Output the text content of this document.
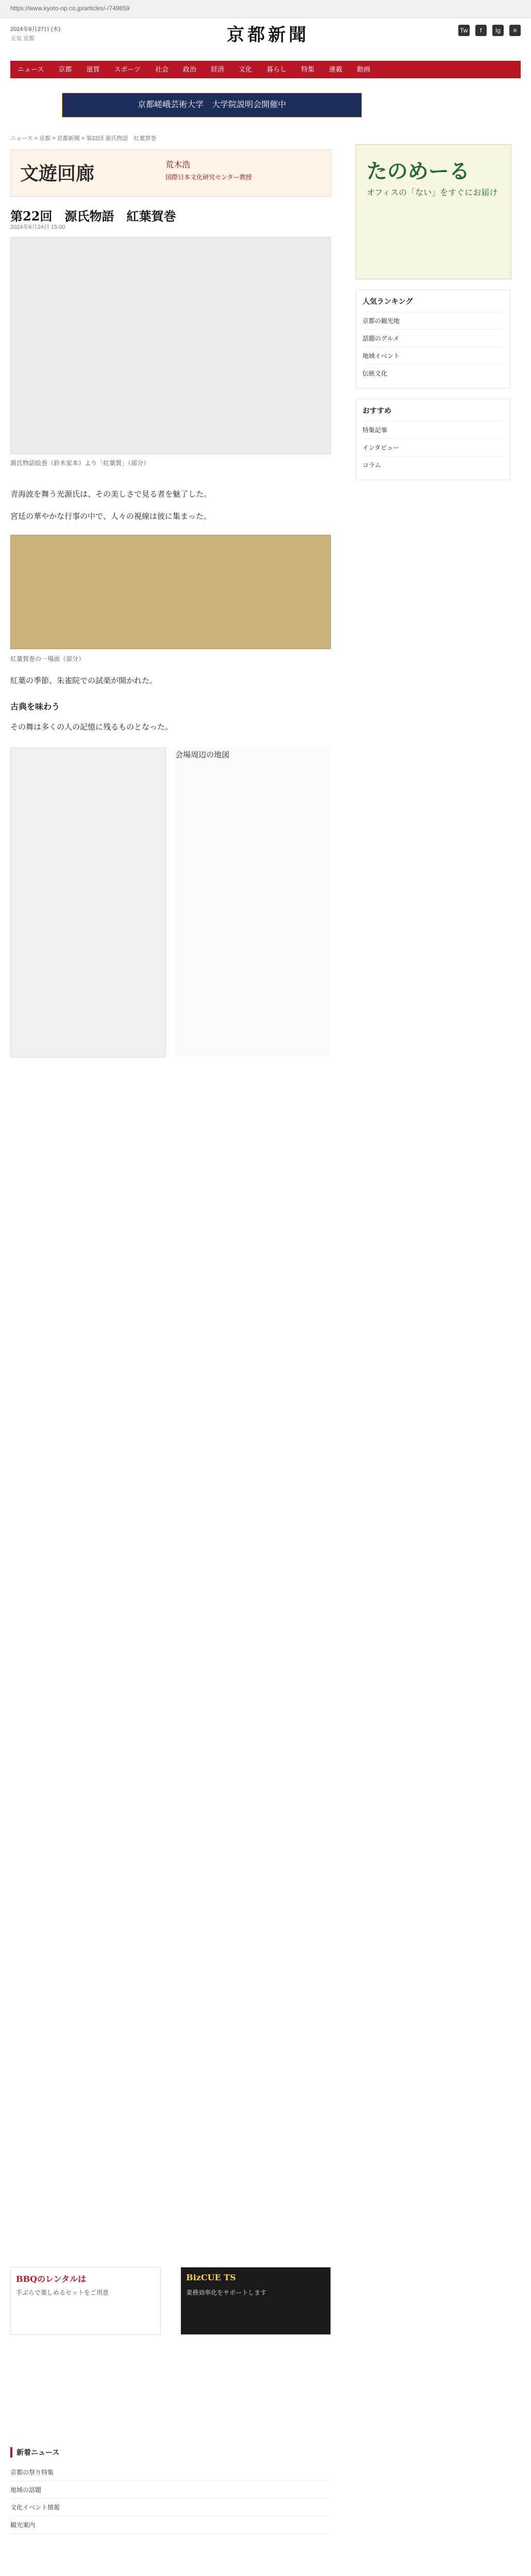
https://www.kyoto-np.co.jp/articles/-/749859
2024年6月27日 (木)
天気 京都	京都新聞	Tw f Ig ≡
ニュース	京都	滋賀	スポーツ	社会	政治	経済	文化	暮らし	特集	連載	動画
京都嵯峨芸術大学　大学院説明会開催中
ニュース > 京都 > 京都新聞 > 第22回 源氏物語　紅葉賀巻
文遊回廊	荒木浩
国際日本文化研究センター教授
第22回　源氏物語　紅葉賀巻
2024年6月24日 15:00
源氏物語絵巻（鈴木家本）より「紅葉賀」（部分）

青海波を舞う光源氏は、その美しさで見る者を魅了した。

宮廷の華やかな行事の中で、人々の視線は彼に集まった。

紅葉賀巻の一場面（部分）

紅葉の季節、朱雀院での試楽が開かれた。

古典を味わう

その舞は多くの人の記憶に残るものとなった。

会場周辺の地図
BBQのレンタルは
手ぶらで楽しめるセットをご用意
BizCUE TS
業務効率化をサポートします
新着ニュース
京都の祭り特集
地域の話題
文化イベント情報
観光案内
たのめーる
オフィスの「ない」をすぐにお届け
人気ランキング
京都の観光地
話題のグルメ
地域イベント
伝統文化
おすすめ
特集記事
インタビュー
コラム
